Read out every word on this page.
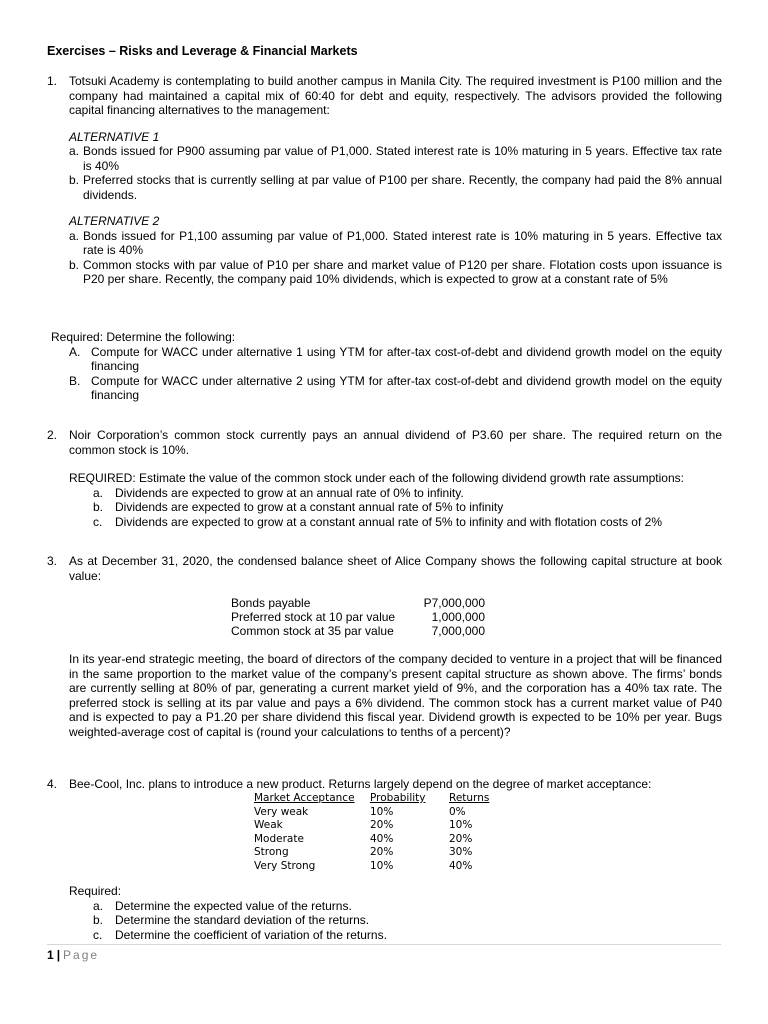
Exercises – Risks and Leverage & Financial Markets
1. Totsuki Academy is contemplating to build another campus in Manila City. The required investment is P100 million and the company had maintained a capital mix of 60:40 for debt and equity, respectively. The advisors provided the following capital financing alternatives to the management:
ALTERNATIVE 1
a. Bonds issued for P900 assuming par value of P1,000. Stated interest rate is 10% maturing in 5 years. Effective tax rate is 40%
b. Preferred stocks that is currently selling at par value of P100 per share. Recently, the company had paid the 8% annual dividends.
ALTERNATIVE 2
a. Bonds issued for P1,100 assuming par value of P1,000. Stated interest rate is 10% maturing in 5 years. Effective tax rate is 40%
b. Common stocks with par value of P10 per share and market value of P120 per share. Flotation costs upon issuance is P20 per share. Recently, the company paid 10% dividends, which is expected to grow at a constant rate of 5%
Required: Determine the following:
A. Compute for WACC under alternative 1 using YTM for after-tax cost-of-debt and dividend growth model on the equity financing
B. Compute for WACC under alternative 2 using YTM for after-tax cost-of-debt and dividend growth model on the equity financing
2. Noir Corporation’s common stock currently pays an annual dividend of P3.60 per share. The required return on the common stock is 10%.
REQUIRED: Estimate the value of the common stock under each of the following dividend growth rate assumptions:
a. Dividends are expected to grow at an annual rate of 0% to infinity.
b. Dividends are expected to grow at a constant annual rate of 5% to infinity
c. Dividends are expected to grow at a constant annual rate of 5% to infinity and with flotation costs of 2%
3. As at December 31, 2020, the condensed balance sheet of Alice Company shows the following capital structure at book value:
Bonds payable	P7,000,000
Preferred stock at 10 par value	1,000,000
Common stock at 35 par value	7,000,000
In its year-end strategic meeting, the board of directors of the company decided to venture in a project that will be financed in the same proportion to the market value of the company’s present capital structure as shown above. The firms’ bonds are currently selling at 80% of par, generating a current market yield of 9%, and the corporation has a 40% tax rate. The preferred stock is selling at its par value and pays a 6% dividend. The common stock has a current market value of P40 and is expected to pay a P1.20 per share dividend this fiscal year. Dividend growth is expected to be 10% per year. Bugs weighted-average cost of capital is (round your calculations to tenths of a percent)?
4. Bee-Cool, Inc. plans to introduce a new product. Returns largely depend on the degree of market acceptance:
Market Acceptance Probability Returns
Very weak	10%	0%
Weak	20%	10%
Moderate	40%	20%
Strong	20%	30%
Very Strong	10%	40%
Required:
a. Determine the expected value of the returns.
b. Determine the standard deviation of the returns.
c. Determine the coefficient of variation of the returns.
1 | Page
